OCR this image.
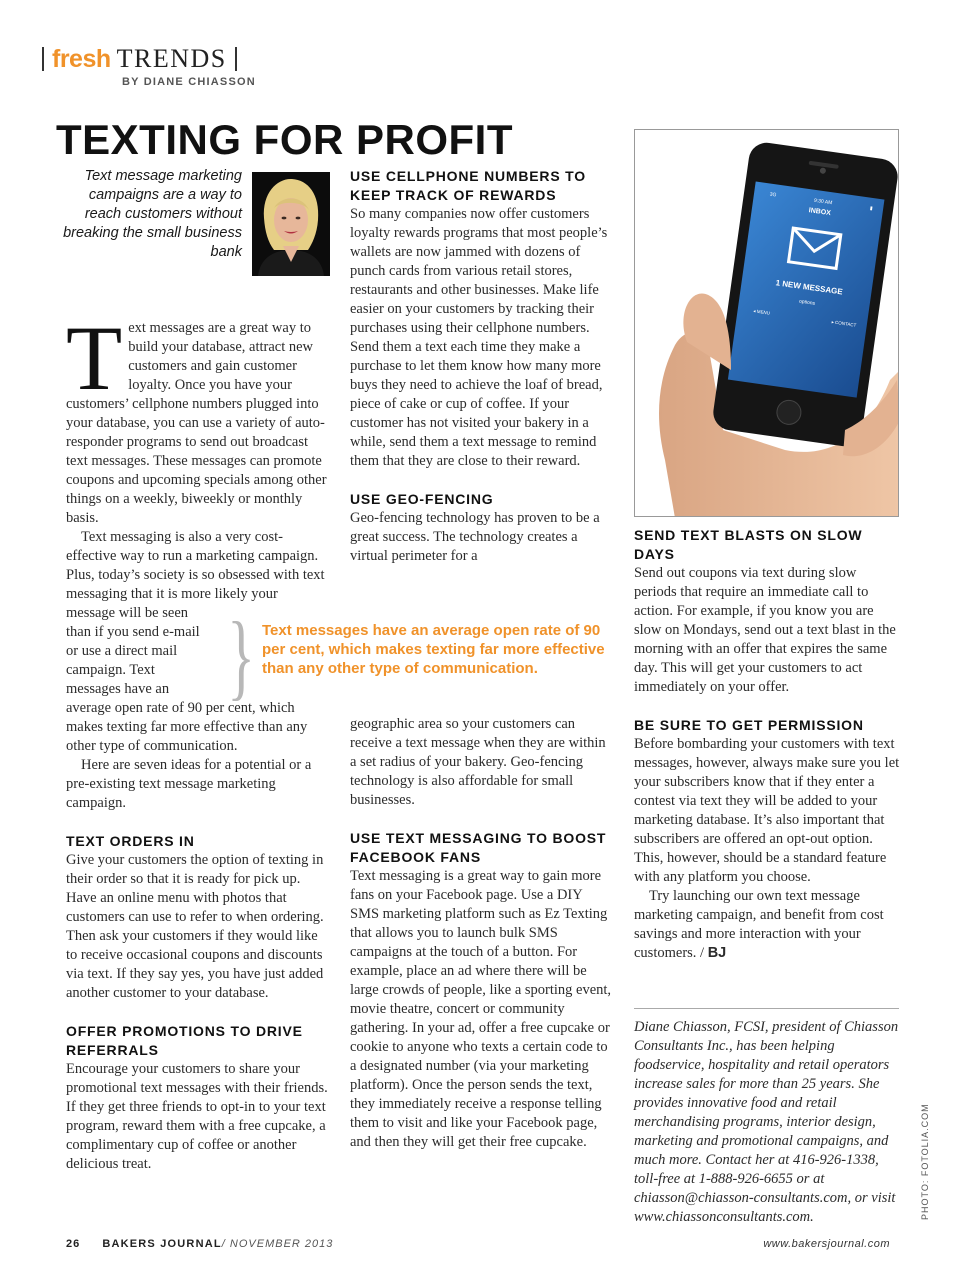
fresh TRENDS
BY DIANE CHIASSON
TEXTING FOR PROFIT
Text message marketing campaigns are a way to reach customers without breaking the small business bank

Text messages are a great way to build your database, attract new customers and gain customer loyalty. Once you have your customers’ cellphone numbers plugged into your database, you can use a variety of auto-responder programs to send out broadcast text messages. These messages can promote coupons and upcoming specials among other things on a weekly, biweekly or monthly basis.

Text messaging is also a very cost-effective way to run a marketing campaign. Plus, today’s society is so obsessed with text messaging that it is more likely your

message will be seen than if you send e-mail or use a direct mail campaign. Text messages have an

average open rate of 90 per cent, which makes texting far more effective than any other type of communication.

Here are seven ideas for a potential or a pre-existing text message marketing campaign.

TEXT ORDERS IN

Give your customers the option of texting in their order so that it is ready for pick up. Have an online menu with photos that customers can use to refer to when ordering. Then ask your customers if they would like to receive occasional coupons and discounts via text. If they say yes, you have just added another customer to your database.

OFFER PROMOTIONS TO DRIVE REFERRALS

Encourage your customers to share your promotional text messages with their friends. If they get three friends to opt-in to your text program, reward them with a free cupcake, a complimentary cup of coffee or another delicious treat.

} Text messages have an average open rate of 90 per cent, which makes texting far more effective than any other type of communication.

USE CELLPHONE NUMBERS TO KEEP TRACK OF REWARDS

So many companies now offer customers loyalty rewards programs that most people’s wallets are now jammed with dozens of punch cards from various retail stores, restaurants and other businesses. Make life easier on your customers by tracking their purchases using their cellphone numbers. Send them a text each time they make a purchase to let them know how many more buys they need to achieve the loaf of bread, piece of cake or cup of coffee. If your customer has not visited your bakery in a while, send them a text message to remind them that they are close to their reward.

USE GEO-FENCING

Geo-fencing technology has proven to be a great success. The technology creates a virtual perimeter for a

geographic area so your customers can receive a text message when they are within a set radius of your bakery. Geo-fencing technology is also affordable for small businesses.

USE TEXT MESSAGING TO BOOST FACEBOOK FANS

Text messaging is a great way to gain more fans on your Facebook page. Use a DIY SMS marketing platform such as Ez Texting that allows you to launch bulk SMS campaigns at the touch of a button. For example, place an ad where there will be large crowds of people, like a sporting event, movie theatre, concert or community gathering. In your ad, offer a free cupcake or cookie to anyone who texts a certain code to a designated number (via your marketing platform). Once the person sends the text, they immediately receive a response telling them to visit and like your Facebook page, and then they will get their free cupcake.

3G
9:30 AM
▮
INBOX
1 NEW MESSAGE
options
◂ MENU
▸ CONTACT

SEND TEXT BLASTS ON SLOW DAYS

Send out coupons via text during slow periods that require an immediate call to action. For example, if you know you are slow on Mondays, send out a text blast in the morning with an offer that expires the same day. This will get your customers to act immediately on your offer.

BE SURE TO GET PERMISSION

Before bombarding your customers with text messages, however, always make sure you let your subscribers know that if they enter a contest via text they will be added to your marketing database. It’s also important that subscribers are offered an opt-out option. This, however, should be a standard feature with any platform you choose.

Try launching our own text message marketing campaign, and benefit from cost savings and more interaction with your customers. / BJ

Diane Chiasson, FCSI, president of Chiasson Consultants Inc., has been helping foodservice, hospitality and retail operators increase sales for more than 25 years. She provides innovative food and retail merchandising programs, interior design, marketing and promotional campaigns, and much more. Contact her at 416-926-1338, toll-free at 1-888-926-6655 or at chiasson@chiasson-consultants.com, or visit www.chiassonconsultants.com.	PHOTO: FOTOLIA.COM
26 BAKERS JOURNAL/ NOVEMBER 2013	www.bakersjournal.com
